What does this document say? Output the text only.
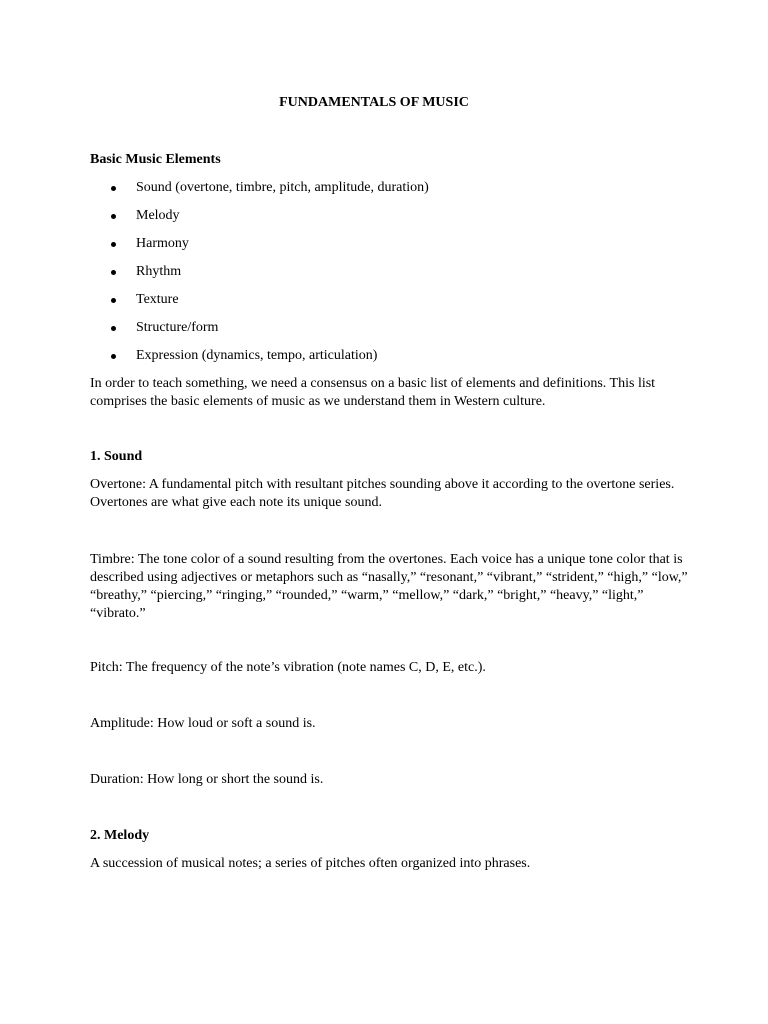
FUNDAMENTALS OF MUSIC

Basic Music Elements

Sound (overtone, timbre, pitch, amplitude, duration)
Melody
Harmony
Rhythm
Texture
Structure/form
Expression (dynamics, tempo, articulation)

In order to teach something, we need a consensus on a basic list of elements and definitions. This list comprises the basic elements of music as we understand them in Western culture.

1. Sound

Overtone: A fundamental pitch with resultant pitches sounding above it according to the overtone series. Overtones are what give each note its unique sound.

Timbre: The tone color of a sound resulting from the overtones. Each voice has a unique tone color that is described using adjectives or metaphors such as “nasally,” “resonant,” “vibrant,” “strident,” “high,” “low,” “breathy,” “piercing,” “ringing,” “rounded,” “warm,” “mellow,” “dark,” “bright,” “heavy,” “light,” “vibrato.”

Pitch: The frequency of the note’s vibration (note names C, D, E, etc.).

Amplitude: How loud or soft a sound is.

Duration: How long or short the sound is.

2. Melody

A succession of musical notes; a series of pitches often organized into phrases.
